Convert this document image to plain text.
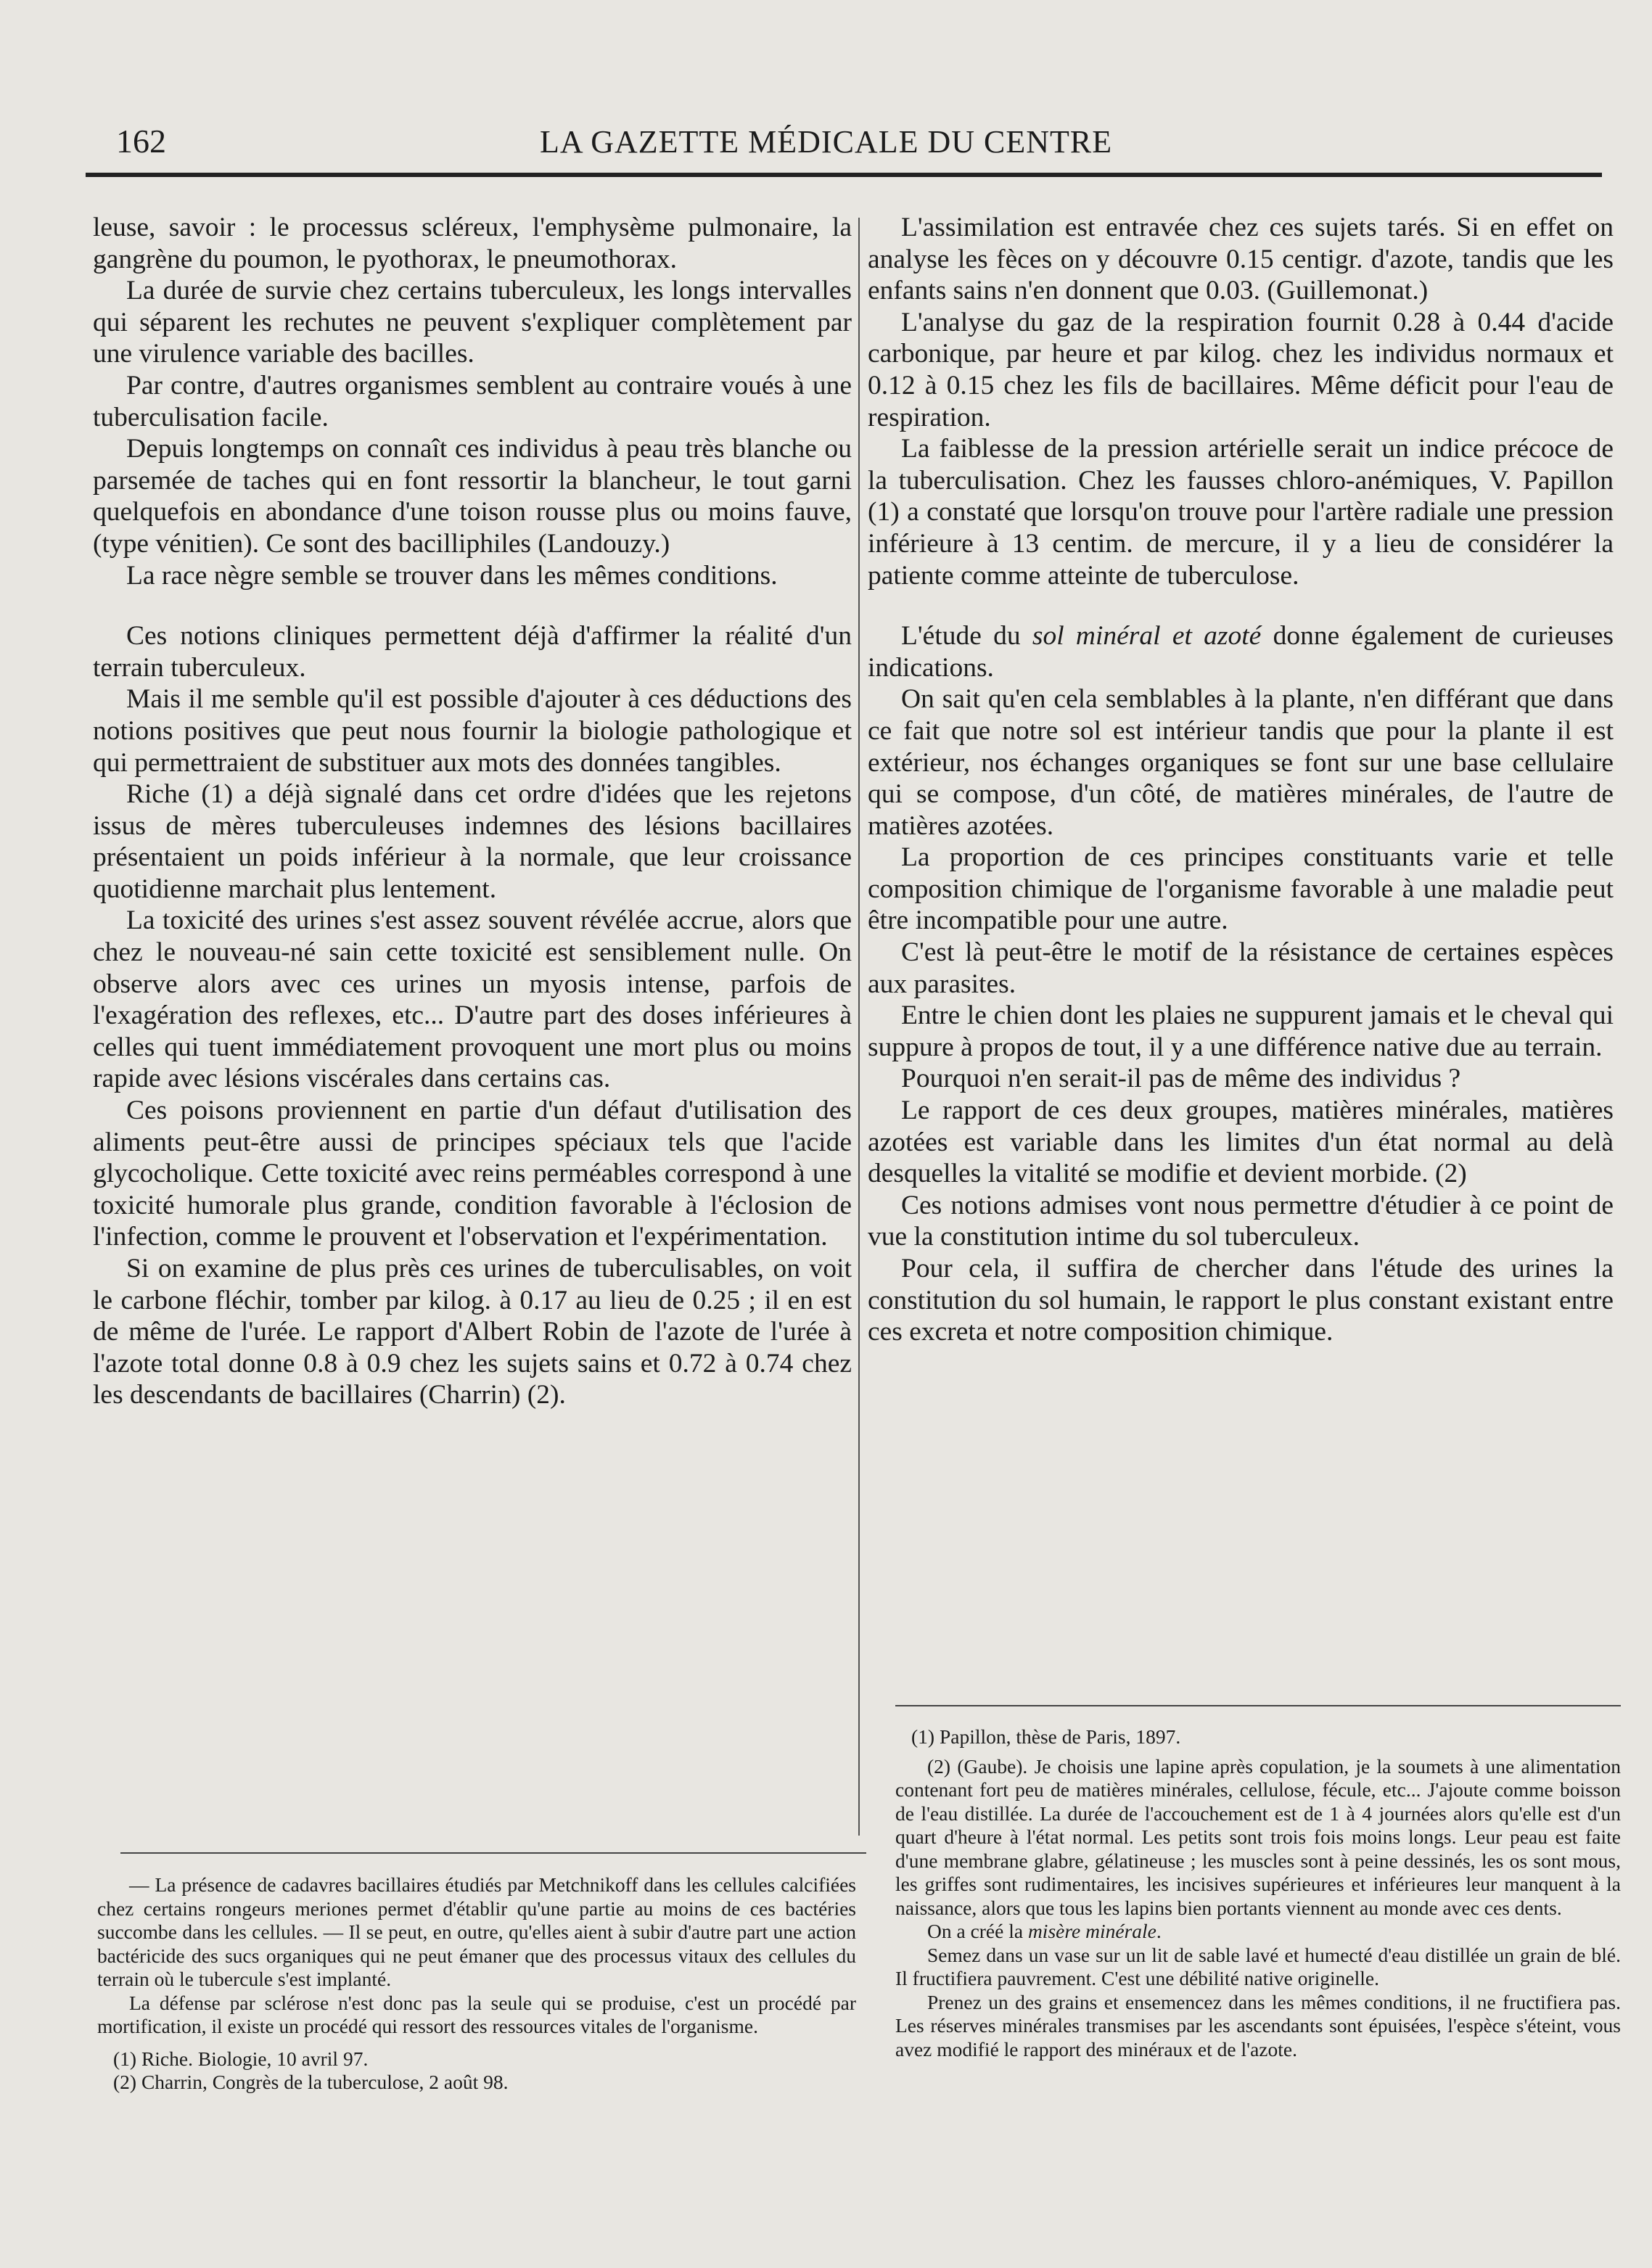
162	LA GAZETTE MÉDICALE DU CENTRE

leuse, savoir : le processus scléreux, l'emphysème pulmonaire, la gangrène du poumon, le pyothorax, le pneumothorax.

La durée de survie chez certains tuberculeux, les longs intervalles qui séparent les rechutes ne peuvent s'expliquer complètement par une virulence variable des bacilles.

Par contre, d'autres organismes semblent au contraire voués à une tuberculisation facile.

Depuis longtemps on connaît ces individus à peau très blanche ou parsemée de taches qui en font ressortir la blancheur, le tout garni quelquefois en abondance d'une toison rousse plus ou moins fauve, (type vénitien). Ce sont des bacilliphiles (Landouzy.)

La race nègre semble se trouver dans les mêmes conditions.

Ces notions cliniques permettent déjà d'affirmer la réalité d'un terrain tuberculeux.

Mais il me semble qu'il est possible d'ajouter à ces déductions des notions positives que peut nous fournir la biologie pathologique et qui permettraient de substituer aux mots des données tangibles.

Riche (1) a déjà signalé dans cet ordre d'idées que les rejetons issus de mères tuberculeuses indemnes des lésions bacillaires présentaient un poids inférieur à la normale, que leur croissance quotidienne marchait plus lentement.

La toxicité des urines s'est assez souvent révélée accrue, alors que chez le nouveau-né sain cette toxicité est sensiblement nulle. On observe alors avec ces urines un myosis intense, parfois de l'exagération des reflexes, etc... D'autre part des doses inférieures à celles qui tuent immédiatement provoquent une mort plus ou moins rapide avec lésions viscérales dans certains cas.

Ces poisons proviennent en partie d'un défaut d'utilisation des aliments peut-être aussi de principes spéciaux tels que l'acide glycocholique. Cette toxicité avec reins perméables correspond à une toxicité humorale plus grande, condition favorable à l'éclosion de l'infection, comme le prouvent et l'observation et l'expérimentation.

Si on examine de plus près ces urines de tuberculisables, on voit le carbone fléchir, tomber par kilog. à 0.17 au lieu de 0.25 ; il en est de même de l'urée. Le rapport d'Albert Robin de l'azote de l'urée à l'azote total donne 0.8 à 0.9 chez les sujets sains et 0.72 à 0.74 chez les descendants de bacillaires (Charrin) (2).

— La présence de cadavres bacillaires étudiés par Metchnikoff dans les cellules calcifiées chez certains rongeurs meriones permet d'établir qu'une partie au moins de ces bactéries succombe dans les cellules. — Il se peut, en outre, qu'elles aient à subir d'autre part une action bactéricide des sucs organiques qui ne peut émaner que des processus vitaux des cellules du terrain où le tubercule s'est implanté.

La défense par sclérose n'est donc pas la seule qui se produise, c'est un procédé par mortification, il existe un procédé qui ressort des ressources vitales de l'organisme.

(1) Riche. Biologie, 10 avril 97.

(2) Charrin, Congrès de la tuberculose, 2 août 98.

L'assimilation est entravée chez ces sujets tarés. Si en effet on analyse les fèces on y découvre 0.15 centigr. d'azote, tandis que les enfants sains n'en donnent que 0.03. (Guillemonat.)

L'analyse du gaz de la respiration fournit 0.28 à 0.44 d'acide carbonique, par heure et par kilog. chez les individus normaux et 0.12 à 0.15 chez les fils de bacillaires. Même déficit pour l'eau de respiration.

La faiblesse de la pression artérielle serait un indice précoce de la tuberculisation. Chez les fausses chloro-anémiques, V. Papillon (1) a constaté que lorsqu'on trouve pour l'artère radiale une pression inférieure à 13 centim. de mercure, il y a lieu de considérer la patiente comme atteinte de tuberculose.

L'étude du sol minéral et azoté donne également de curieuses indications.

On sait qu'en cela semblables à la plante, n'en différant que dans ce fait que notre sol est intérieur tandis que pour la plante il est extérieur, nos échanges organiques se font sur une base cellulaire qui se compose, d'un côté, de matières minérales, de l'autre de matières azotées.

La proportion de ces principes constituants varie et telle composition chimique de l'organisme favorable à une maladie peut être incompatible pour une autre.

C'est là peut-être le motif de la résistance de certaines espèces aux parasites.

Entre le chien dont les plaies ne suppurent jamais et le cheval qui suppure à propos de tout, il y a une différence native due au terrain.

Pourquoi n'en serait-il pas de même des individus ?

Le rapport de ces deux groupes, matières minérales, matières azotées est variable dans les limites d'un état normal au delà desquelles la vitalité se modifie et devient morbide. (2)

Ces notions admises vont nous permettre d'étudier à ce point de vue la constitution intime du sol tuberculeux.

Pour cela, il suffira de chercher dans l'étude des urines la constitution du sol humain, le rapport le plus constant existant entre ces excreta et notre composition chimique.

(1) Papillon, thèse de Paris, 1897.

(2) (Gaube). Je choisis une lapine après copulation, je la soumets à une alimentation contenant fort peu de matières minérales, cellulose, fécule, etc... J'ajoute comme boisson de l'eau distillée. La durée de l'accouchement est de 1 à 4 journées alors qu'elle est d'un quart d'heure à l'état normal. Les petits sont trois fois moins longs. Leur peau est faite d'une membrane glabre, gélatineuse ; les muscles sont à peine dessinés, les os sont mous, les griffes sont rudimentaires, les incisives supérieures et inférieures leur manquent à la naissance, alors que tous les lapins bien portants viennent au monde avec ces dents.

On a créé la misère minérale.

Semez dans un vase sur un lit de sable lavé et humecté d'eau distillée un grain de blé. Il fructifiera pauvrement. C'est une débilité native originelle.

Prenez un des grains et ensemencez dans les mêmes conditions, il ne fructifiera pas. Les réserves minérales transmises par les ascendants sont épuisées, l'espèce s'éteint, vous avez modifié le rapport des minéraux et de l'azote.
